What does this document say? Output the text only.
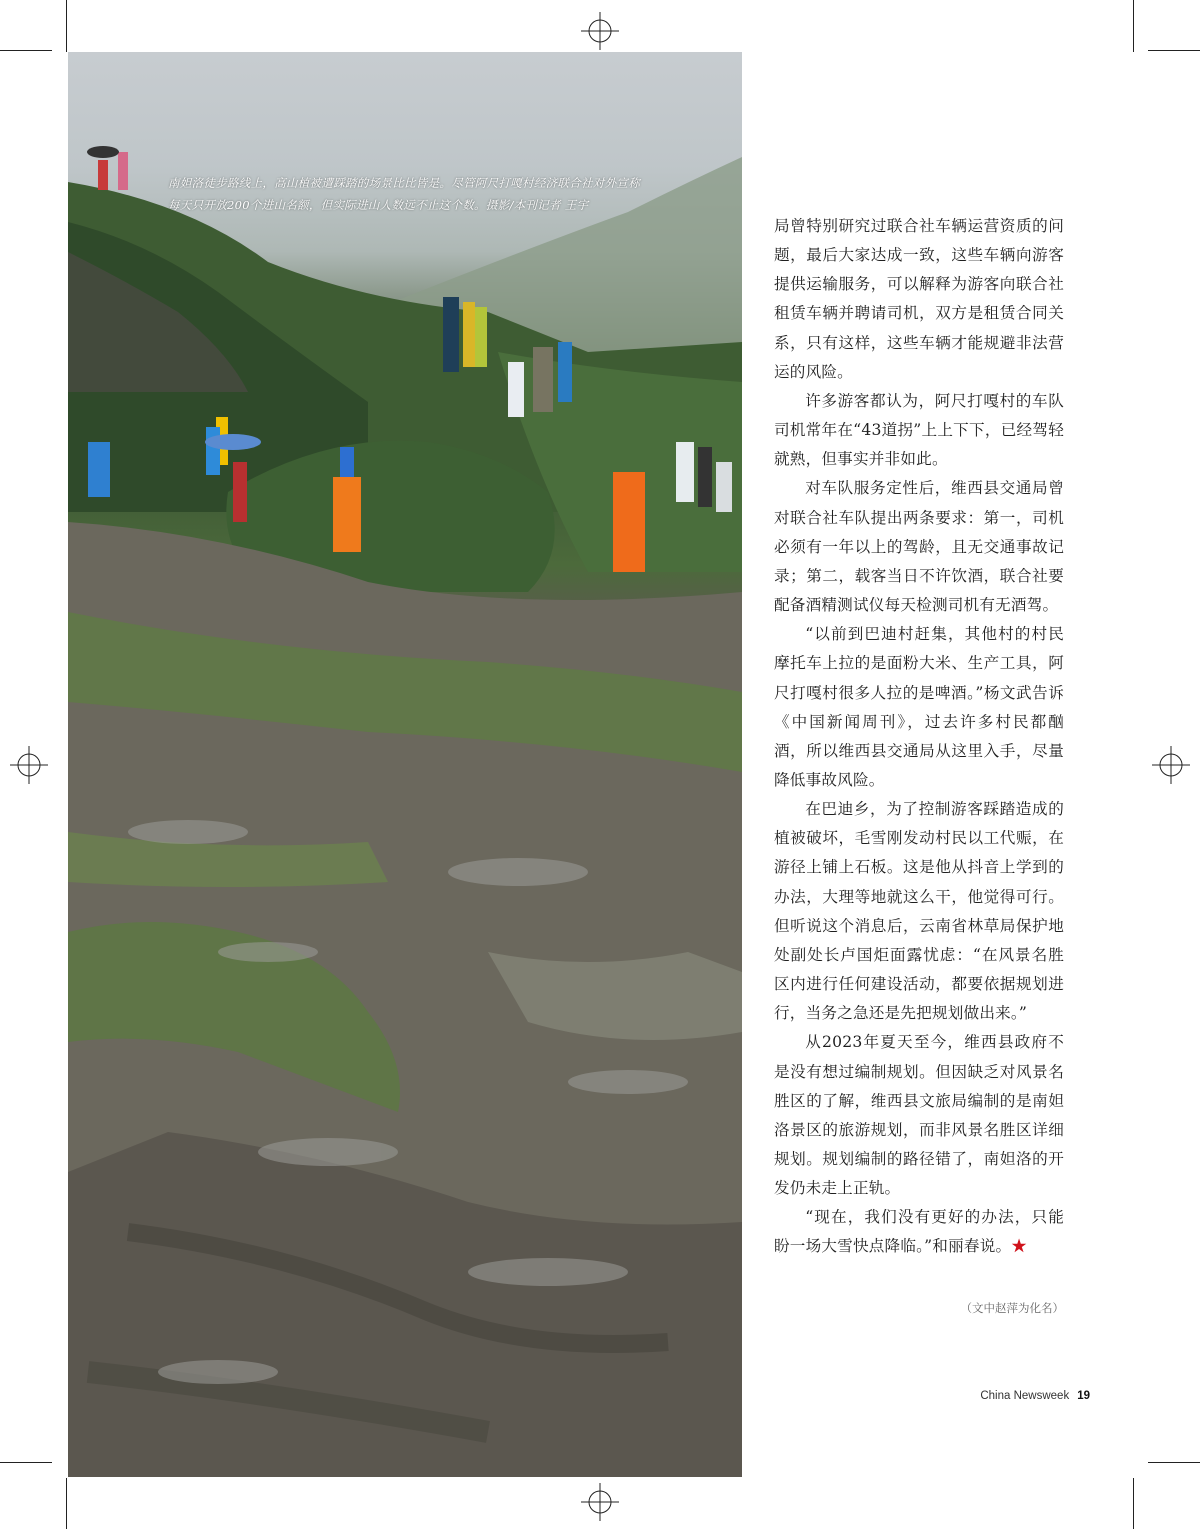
南妲洛徒步路线上，高山植被遭踩踏的场景比比皆是。尽管阿尺打嘎村经济联合社对外宣称每天只开放200个进山名额，但实际进山人数远不止这个数。摄影/本刊记者 王宇

局曾特别研究过联合社车辆运营资质的问题，最后大家达成一致，这些车辆向游客提供运输服务，可以解释为游客向联合社租赁车辆并聘请司机，双方是租赁合同关系，只有这样，这些车辆才能规避非法营运的风险。

许多游客都认为，阿尺打嘎村的车队司机常年在“43道拐”上上下下，已经驾轻就熟，但事实并非如此。

对车队服务定性后，维西县交通局曾对联合社车队提出两条要求：第一，司机必须有一年以上的驾龄，且无交通事故记录；第二，载客当日不许饮酒，联合社要配备酒精测试仪每天检测司机有无酒驾。

“以前到巴迪村赶集，其他村的村民摩托车上拉的是面粉大米、生产工具，阿尺打嘎村很多人拉的是啤酒。”杨文武告诉《中国新闻周刊》，过去许多村民都酗酒，所以维西县交通局从这里入手，尽量降低事故风险。

在巴迪乡，为了控制游客踩踏造成的植被破坏，毛雪刚发动村民以工代赈，在游径上铺上石板。这是他从抖音上学到的办法，大理等地就这么干，他觉得可行。但听说这个消息后，云南省林草局保护地处副处长卢国炬面露忧虑：“在风景名胜区内进行任何建设活动，都要依据规划进行，当务之急还是先把规划做出来。”

从2023年夏天至今，维西县政府不是没有想过编制规划。但因缺乏对风景名胜区的了解，维西县文旅局编制的是南妲洛景区的旅游规划，而非风景名胜区详细规划。规划编制的路径错了，南妲洛的开发仍未走上正轨。

“现在，我们没有更好的办法，只能盼一场大雪快点降临。”和丽春说。★

（文中赵萍为化名）
China Newsweek 19
